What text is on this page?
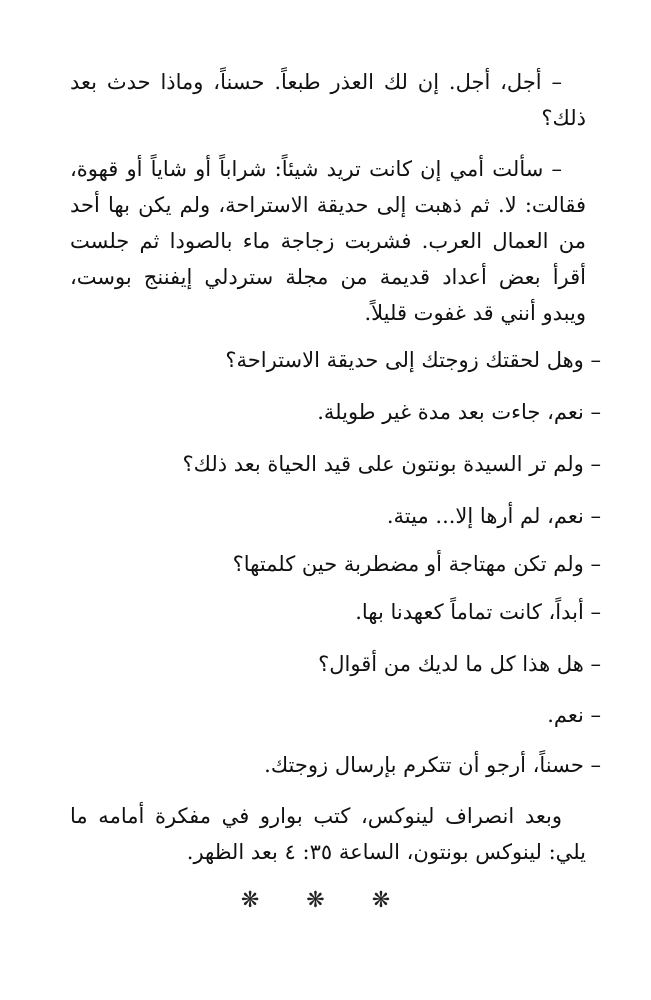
– أجل، أجل. إن لك العذر طبعاً. حسناً، وماذا حدث بعد ذلك؟
– سألت أمي إن كانت تريد شيئاً: شراباً أو شاياً أو قهوة، فقالت: لا. ثم ذهبت إلى حديقة الاستراحة، ولم يكن بها أحد من العمال العرب. فشربت زجاجة ماء بالصودا ثم جلست أقرأ بعض أعداد قديمة من مجلة ستردلي إيفننج بوست، ويبدو أنني قد غفوت قليلاً.
– وهل لحقتك زوجتك إلى حديقة الاستراحة؟
– نعم، جاءت بعد مدة غير طويلة.
– ولم تر السيدة بونتون على قيد الحياة بعد ذلك؟
– نعم، لم أرها إلا... ميتة.
– ولم تكن مهتاجة أو مضطربة حين كلمتها؟
– أبداً، كانت تماماً كعهدنا بها.
– هل هذا كل ما لديك من أقوال؟
– نعم.
– حسناً، أرجو أن تتكرم بإرسال زوجتك.
وبعد انصراف لينوكس، كتب بوارو في مفكرة أمامه ما يلي: لينوكس بونتون، الساعة ٣٥: ٤ بعد الظهر.
❋ ❋ ❋
